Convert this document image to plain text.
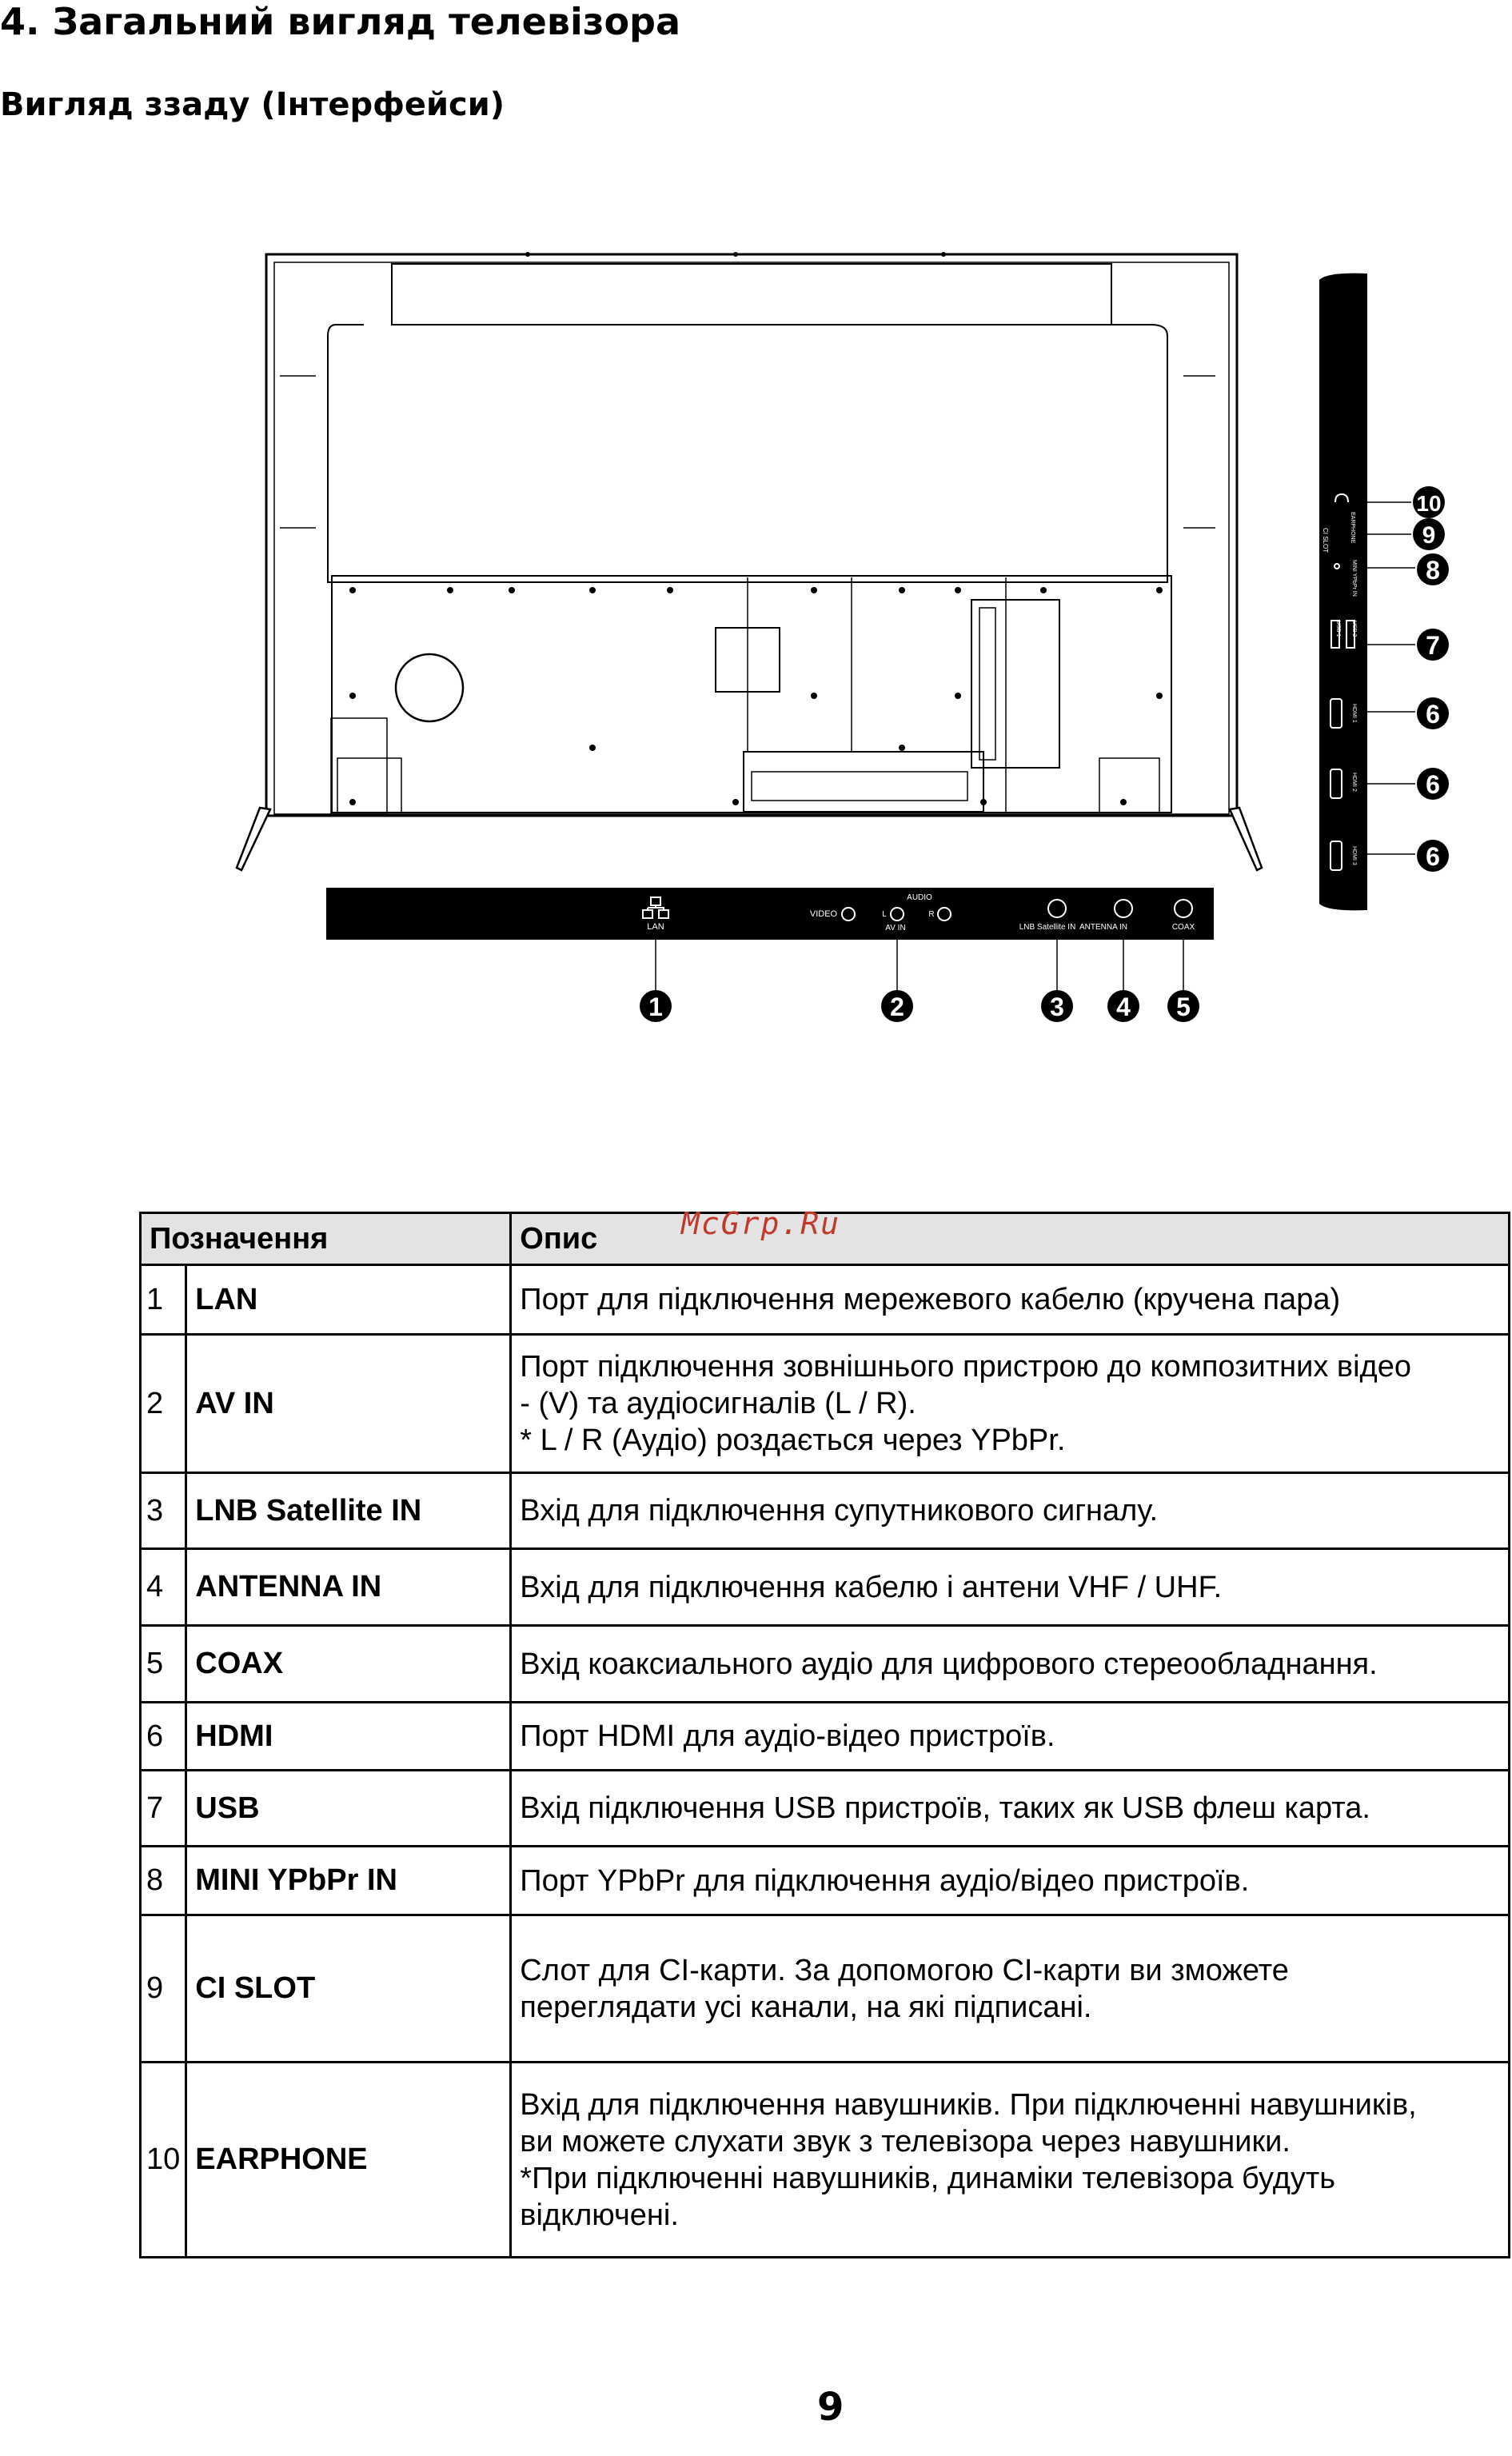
4. Загальний вигляд телевізора
Вигляд ззаду (Інтерфейси)
LAN
VIDEO
AUDIO
L	R
AV IN	LNB Satellite IN ANTENNA IN	COAX
EARPHONE
CI SLOT
MINI YPbPr IN
USB 1 USB 2
HDMI 1
HDMI 2
HDMI 3
1	2	3 4 5
10
9
8
7
6
6
6
Позначення		Опис
1	LAN	Порт для підключення мережевого кабелю (кручена пара)

2	AV IN	Порт підключення зовнішнього пристрою до композитних відео
- (V) та аудіосигналів (L / R).
* L / R (Аудіо) роздається через YPbPr.

3	LNB Satellite IN	Вхід для підключення супутникового сигналу.

4	ANTENNA IN	Вхід для підключення кабелю і антени VHF / UHF.

5	COAX	Вхід коаксиального аудіо для цифрового стереообладнання.

6	HDMI	Порт HDMI для аудіо-відео пристроїв.

7	USB	Вхід підключення USB пристроїв, таких як USB флеш карта.

8	MINI YPbPr IN	Порт YPbPr для підключення аудіо/відео пристроїв.

9	CI SLOT	Слот для CI-карти. За допомогою CI-карти ви зможете
переглядати усі канали, на які підписані.

10	EARPHONE	Вхід для підключення навушників. При підключенні навушників,
ви можете слухати звук з телевізора через навушники.
*При підключенні навушників, динаміки телевізора будуть
відключені.
McGrp.Ru
9
